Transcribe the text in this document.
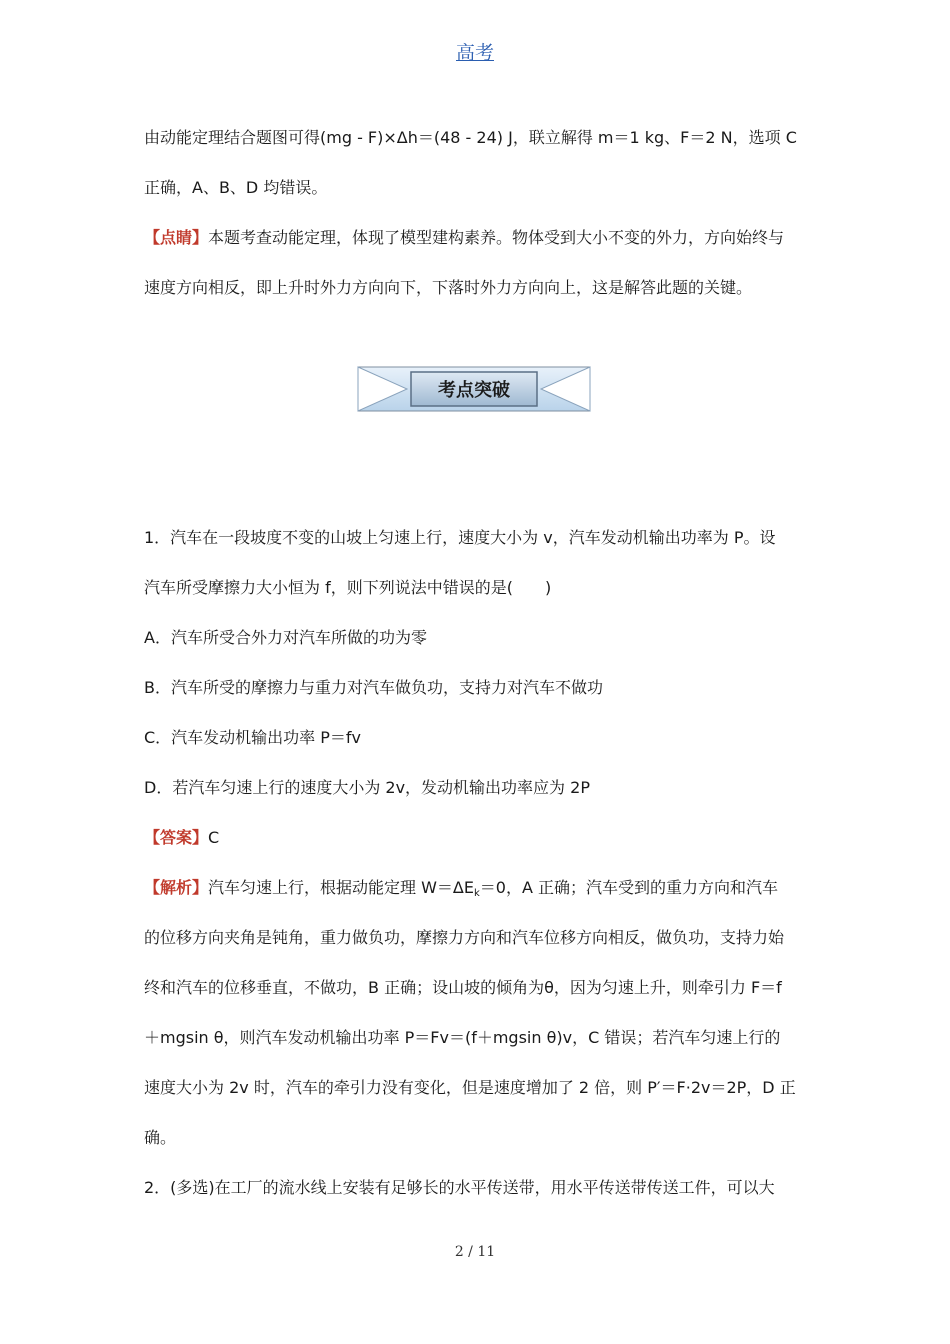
高考
由动能定理结合题图可得(mg - F)×Δh＝(48 - 24) J，联立解得 m＝1 kg、F＝2 N，选项 C
正确，A、B、D 均错误。
【点睛】本题考查动能定理，体现了模型建构素养。物体受到大小不变的外力，方向始终与
速度方向相反，即上升时外力方向向下，下落时外力方向向上，这是解答此题的关键。
考点突破
1．汽车在一段坡度不变的山坡上匀速上行，速度大小为 v，汽车发动机输出功率为 P。设
汽车所受摩擦力大小恒为 f，则下列说法中错误的是(　　)
A．汽车所受合外力对汽车所做的功为零
B．汽车所受的摩擦力与重力对汽车做负功，支持力对汽车不做功
C．汽车发动机输出功率 P＝fv
D．若汽车匀速上行的速度大小为 2v，发动机输出功率应为 2P
【答案】C
【解析】汽车匀速上行，根据动能定理 $W=\Delta E_k=0$，A 正确；汽车受到的重力方向和汽车
的位移方向夹角是钝角，重力做负功，摩擦力方向和汽车位移方向相反，做负功，支持力始
终和汽车的位移垂直，不做功，B 正确；设山坡的倾角为θ，因为匀速上升，则牵引力 F＝f
＋mgsin θ，则汽车发动机输出功率 P＝Fv＝(f＋mgsin θ)v，C 错误；若汽车匀速上行的
速度大小为 2v 时，汽车的牵引力没有变化，但是速度增加了 2 倍，则 P′＝F·2v＝2P，D 正
确。
2．(多选)在工厂的流水线上安装有足够长的水平传送带，用水平传送带传送工件，可以大
2 / 11
